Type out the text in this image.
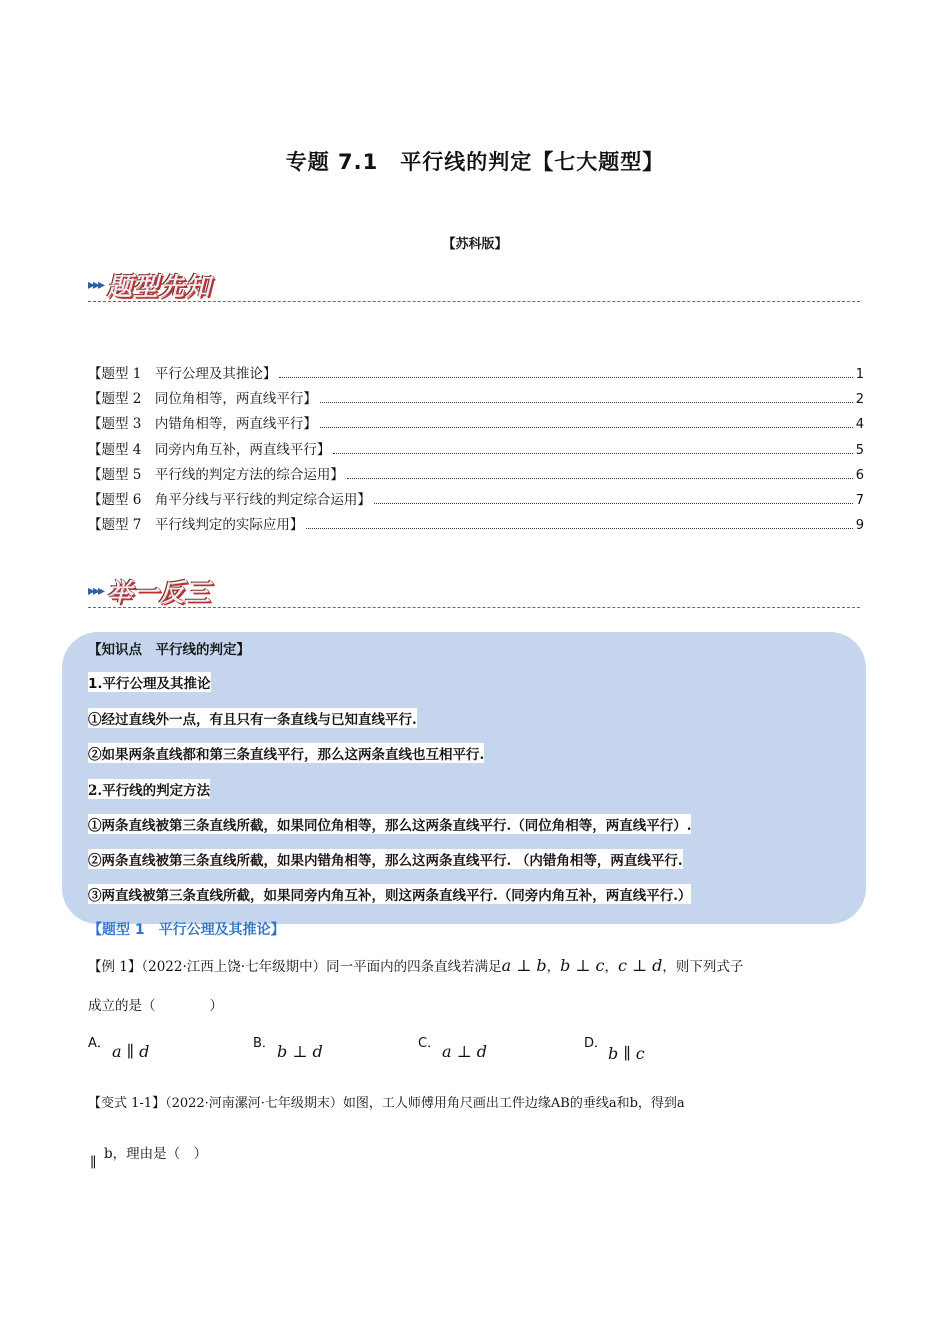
专题 7.1　平行线的判定【七大题型】
【苏科版】
▸▸▸ 题型先知
【题型 1　平行公理及其推论】	1
【题型 2　同位角相等，两直线平行】	2
【题型 3　内错角相等，两直线平行】	4
【题型 4　同旁内角互补，两直线平行】	5
【题型 5　平行线的判定方法的综合运用】	6
【题型 6　角平分线与平行线的判定综合运用】	7
【题型 7　平行线判定的实际应用】	9
▸▸▸ 举一反三
【知识点　平行线的判定】
1.平行公理及其推论
①经过直线外一点，有且只有一条直线与已知直线平行.
②如果两条直线都和第三条直线平行，那么这两条直线也互相平行.
2.平行线的判定方法
①两条直线被第三条直线所截，如果同位角相等，那么这两条直线平行.（同位角相等，两直线平行）.
②两条直线被第三条直线所截，如果内错角相等，那么这两条直线平行. （内错角相等，两直线平行.
③两直线被第三条直线所截，如果同旁内角互补，则这两条直线平行.（同旁内角互补，两直线平行.）
【题型 1　平行公理及其推论】
【例 1】（2022·江西上饶·七年级期中）同一平面内的四条直线若满足a ⊥ b，b ⊥ c，c ⊥ d，则下列式子
成立的是（　　　　）
A． a ∥ d	B． b ⊥ d	C． a ⊥ d	D．
b ∥ c
【变式 1-1】（2022·河南漯河·七年级期末）如图，工人师傅用角尺画出工件边缘AB的垂线a和b，得到a
∥
b，理由是（　）
